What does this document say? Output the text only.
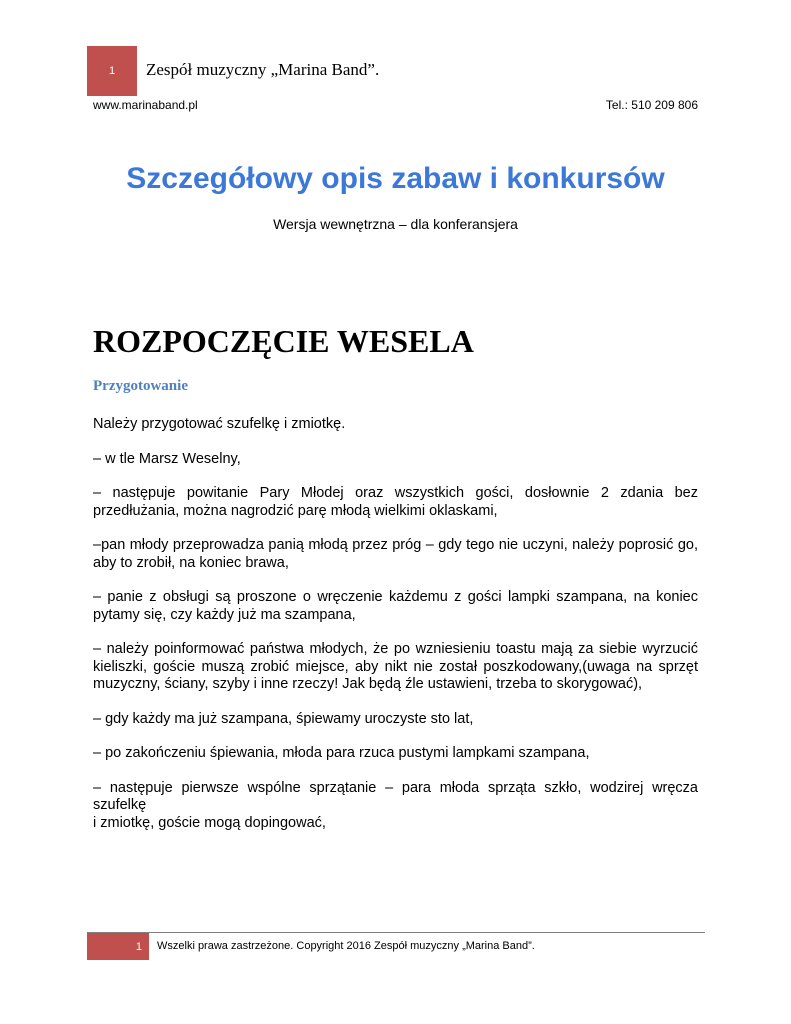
1 Zespół muzyczny „Marina Band”.
www.marinaband.pl	Tel.: 510 209 806
Szczegółowy opis zabaw i konkursów
Wersja wewnętrzna – dla konferansjera
ROZPOCZĘCIE WESELA
Przygotowanie

Należy przygotować szufelkę i zmiotkę.

– w tle Marsz Weselny,

– następuje powitanie Pary Młodej oraz wszystkich gości, dosłownie 2 zdania bez przedłużania, można nagrodzić parę młodą wielkimi oklaskami,

–pan młody przeprowadza panią młodą przez próg – gdy tego nie uczyni, należy poprosić go, aby to zrobił, na koniec brawa,

– panie z obsługi są proszone o wręczenie każdemu z gości lampki szampana, na koniec pytamy się, czy każdy już ma szampana,

– należy poinformować państwa młodych, że po wzniesieniu toastu mają za siebie wyrzucić kieliszki, goście muszą zrobić miejsce, aby nikt nie został poszkodowany,(uwaga na sprzęt muzyczny, ściany, szyby i inne rzeczy! Jak będą źle ustawieni, trzeba to skorygować),

– gdy każdy ma już szampana, śpiewamy uroczyste sto lat,

– po zakończeniu śpiewania, młoda para rzuca pustymi lampkami szampana,

– następuje pierwsze wspólne sprzątanie – para młoda sprząta szkło, wodzirej wręcza szufelkę

i zmiotkę, goście mogą dopingować,

1 Wszelki prawa zastrzeżone. Copyright 2016 Zespół muzyczny „Marina Band”.
